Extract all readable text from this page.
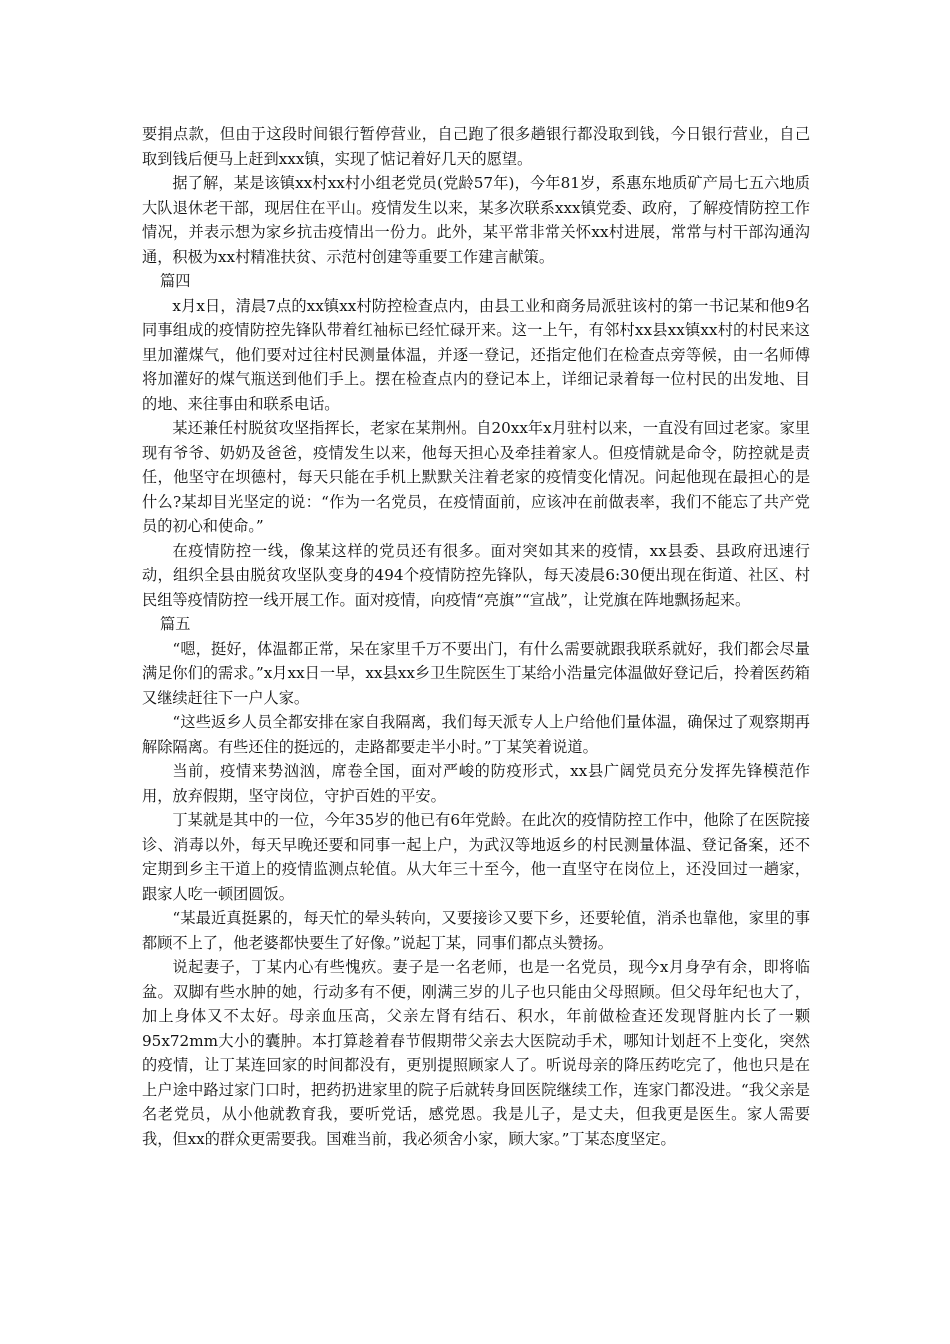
要捐点款，但由于这段时间银行暂停营业，自己跑了很多趟银行都没取到钱，今日银行营业，自己取到钱后便马上赶到xxx镇，实现了惦记着好几天的愿望。

据了解，某是该镇xx村xx村小组老党员(党龄57年)，今年81岁，系惠东地质矿产局七五六地质大队退休老干部，现居住在平山。疫情发生以来，某多次联系xxx镇党委、政府，了解疫情防控工作情况，并表示想为家乡抗击疫情出一份力。此外，某平常非常关怀xx村进展，常常与村干部沟通沟通，积极为xx村精准扶贫、示范村创建等重要工作建言献策。

篇四

x月x日，清晨7点的xx镇xx村防控检查点内，由县工业和商务局派驻该村的第一书记某和他9名同事组成的疫情防控先锋队带着红袖标已经忙碌开来。这一上午，有邻村xx县xx镇xx村的村民来这里加灌煤气，他们要对过往村民测量体温，并逐一登记，还指定他们在检查点旁等候，由一名师傅将加灌好的煤气瓶送到他们手上。摆在检查点内的登记本上，详细记录着每一位村民的出发地、目的地、来往事由和联系电话。

某还兼任村脱贫攻坚指挥长，老家在某荆州。自20xx年x月驻村以来，一直没有回过老家。家里现有爷爷、奶奶及爸爸，疫情发生以来，他每天担心及牵挂着家人。但疫情就是命令，防控就是责任，他坚守在坝德村，每天只能在手机上默默关注着老家的疫情变化情况。问起他现在最担心的是什么?某却目光坚定的说：“作为一名党员，在疫情面前，应该冲在前做表率，我们不能忘了共产党员的初心和使命。”

在疫情防控一线，像某这样的党员还有很多。面对突如其来的疫情，xx县委、县政府迅速行动，组织全县由脱贫攻坚队变身的494个疫情防控先锋队，每天凌晨6:30便出现在街道、社区、村民组等疫情防控一线开展工作。面对疫情，向疫情“亮旗”“宣战”，让党旗在阵地飘扬起来。

篇五

“嗯，挺好，体温都正常，呆在家里千万不要出门，有什么需要就跟我联系就好，我们都会尽量满足你们的需求。”x月xx日一早，xx县xx乡卫生院医生丁某给小浩量完体温做好登记后，拎着医药箱又继续赶往下一户人家。

“这些返乡人员全都安排在家自我隔离，我们每天派专人上户给他们量体温，确保过了观察期再解除隔离。有些还住的挺远的，走路都要走半小时。”丁某笑着说道。

当前，疫情来势汹汹，席卷全国，面对严峻的防疫形式，xx县广阔党员充分发挥先锋模范作用，放弃假期，坚守岗位，守护百姓的平安。

丁某就是其中的一位，今年35岁的他已有6年党龄。在此次的疫情防控工作中，他除了在医院接诊、消毒以外，每天早晚还要和同事一起上户，为武汉等地返乡的村民测量体温、登记备案，还不定期到乡主干道上的疫情监测点轮值。从大年三十至今，他一直坚守在岗位上，还没回过一趟家，跟家人吃一顿团圆饭。

“某最近真挺累的，每天忙的晕头转向，又要接诊又要下乡，还要轮值，消杀也靠他，家里的事都顾不上了，他老婆都快要生了好像。”说起丁某，同事们都点头赞扬。

说起妻子，丁某内心有些愧疚。妻子是一名老师，也是一名党员，现今x月身孕有余，即将临盆。双脚有些水肿的她，行动多有不便，刚满三岁的儿子也只能由父母照顾。但父母年纪也大了，加上身体又不太好。母亲血压高，父亲左肾有结石、积水，年前做检查还发现肾脏内长了一颗95x72mm大小的囊肿。本打算趁着春节假期带父亲去大医院动手术，哪知计划赶不上变化，突然的疫情，让丁某连回家的时间都没有，更别提照顾家人了。听说母亲的降压药吃完了，他也只是在上户途中路过家门口时，把药扔进家里的院子后就转身回医院继续工作，连家门都没进。“我父亲是名老党员，从小他就教育我，要听党话，感党恩。我是儿子，是丈夫，但我更是医生。家人需要我，但xx的群众更需要我。国难当前，我必须舍小家，顾大家。”丁某态度坚定。
